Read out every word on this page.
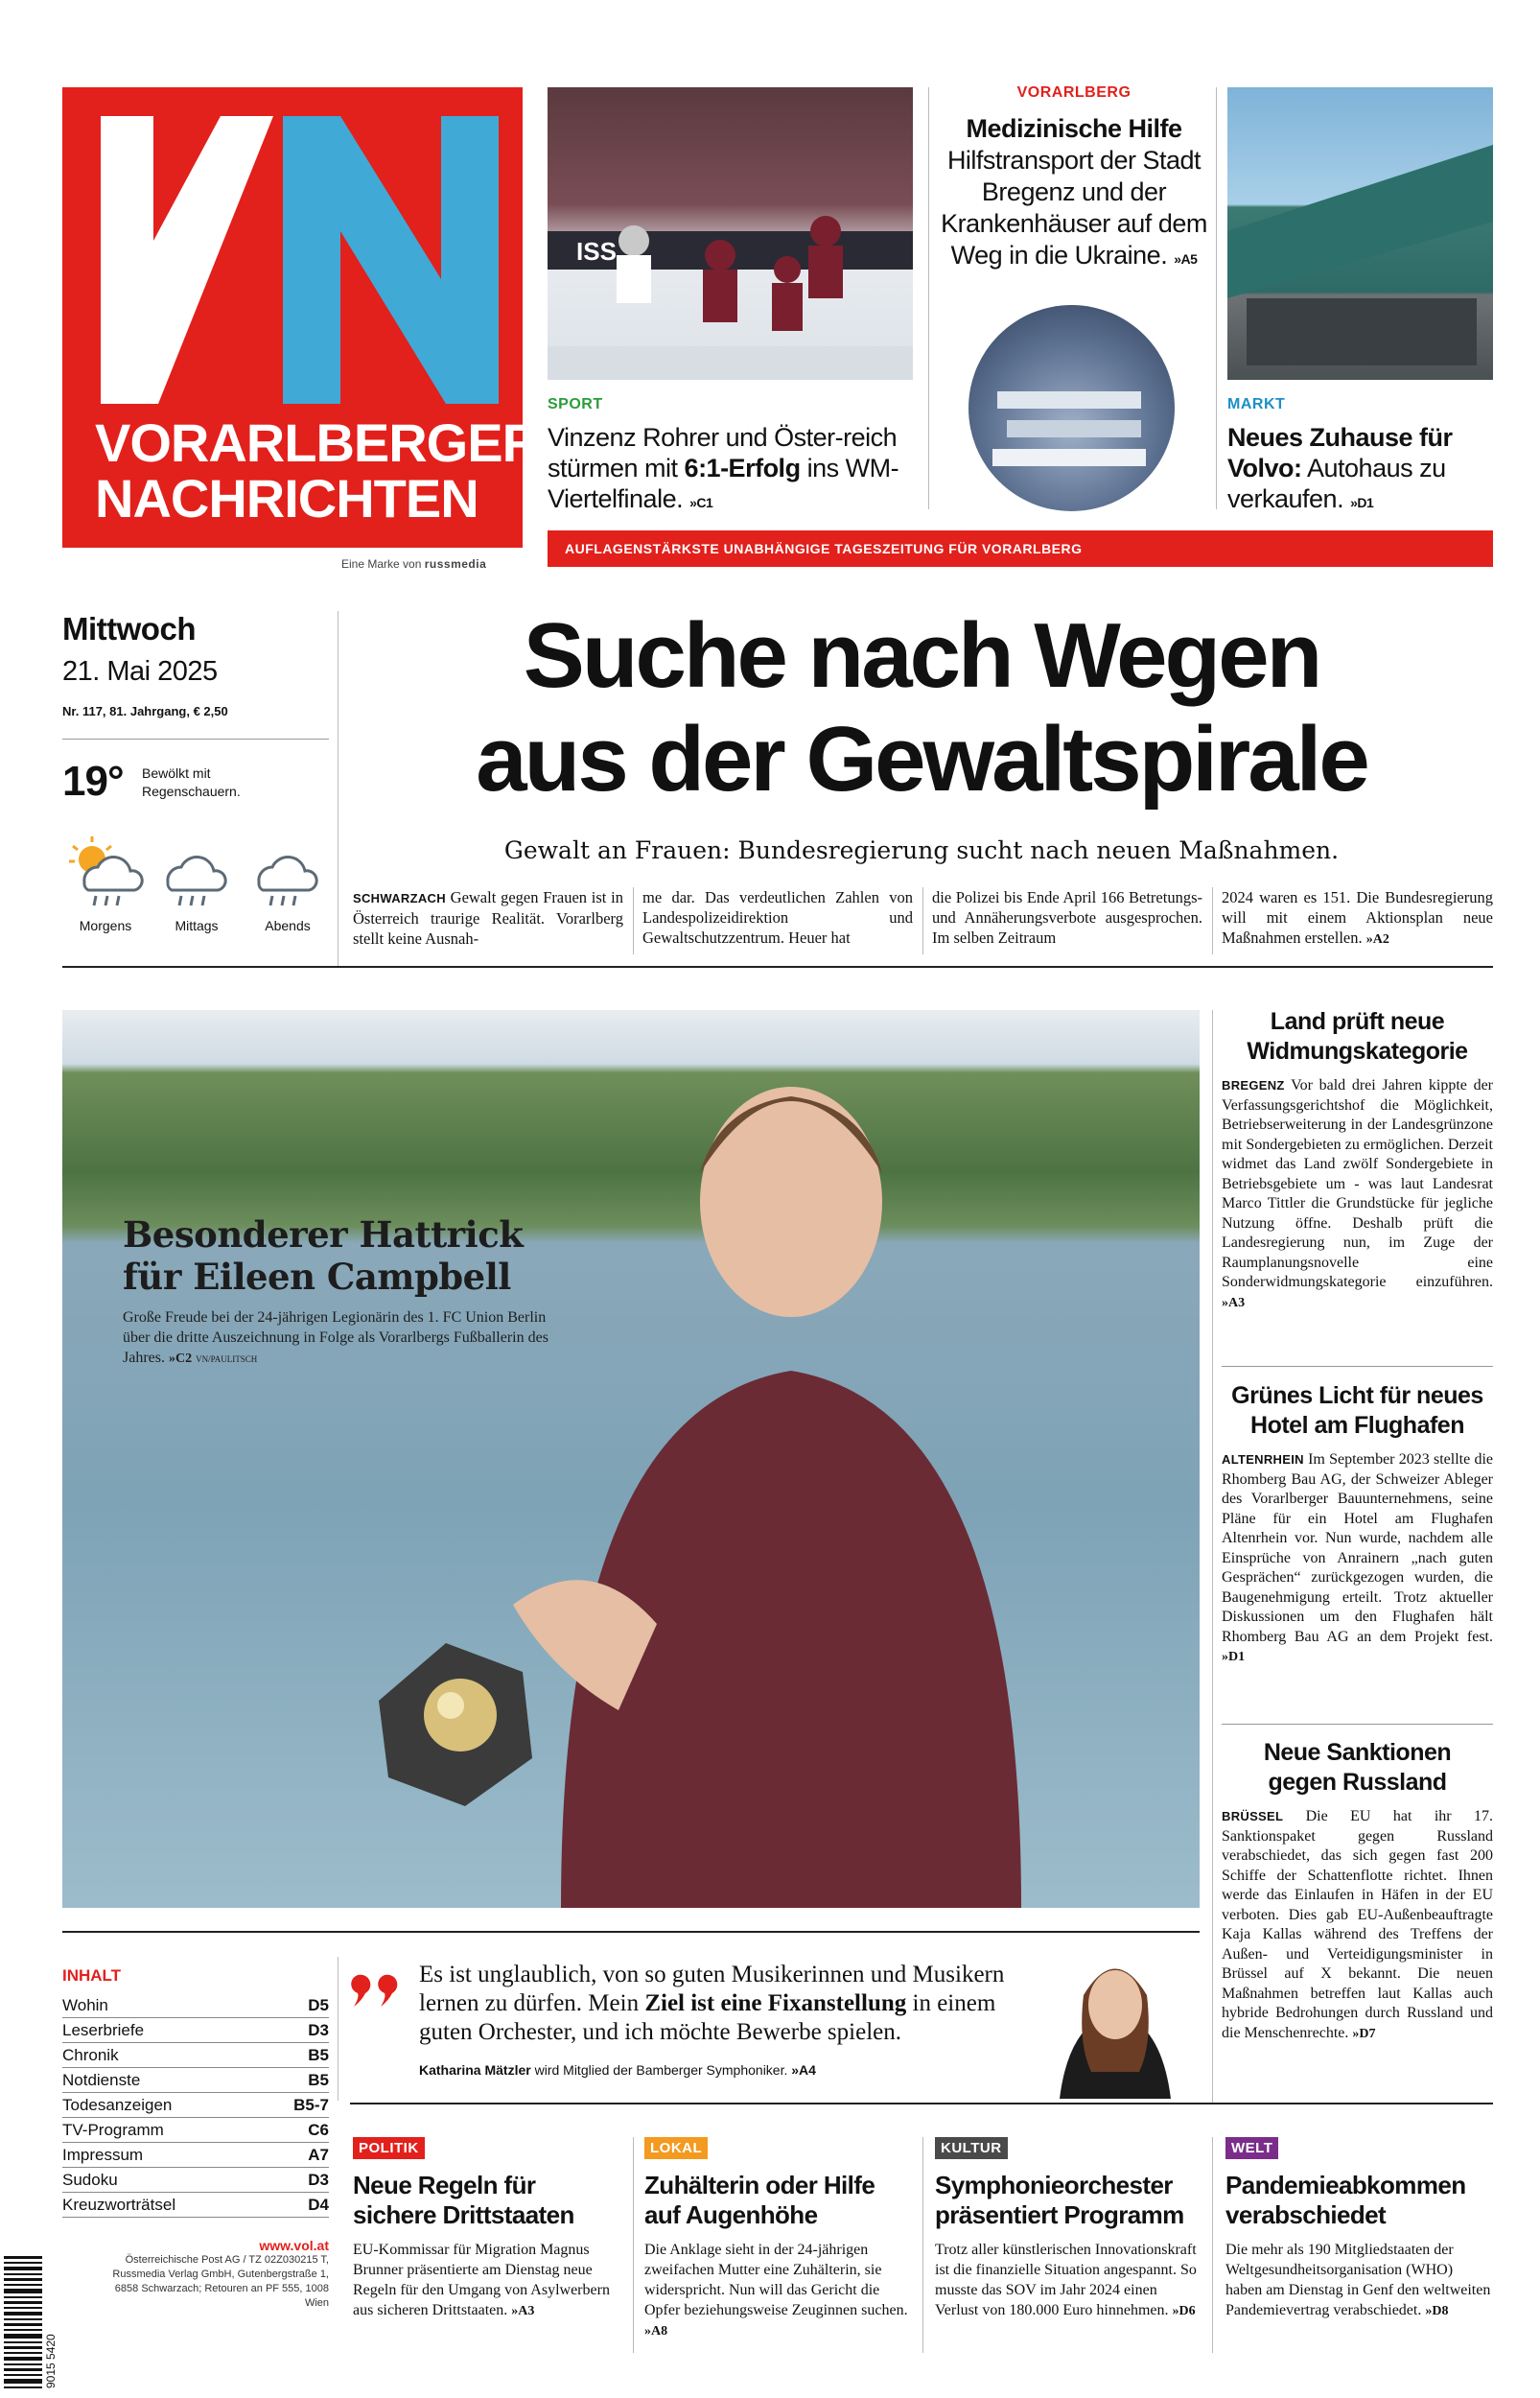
VORARLBERGER
NACHRICHTEN
Eine Marke von russmedia
ISS
SPORT
Vinzenz Rohrer und Öster-reich stürmen mit 6:1-Erfolg ins WM-Viertelfinale. »C1
VORARLBERG
Medizinische Hilfe
Hilfstransport der Stadt Bregenz und der Krankenhäuser auf dem Weg in die Ukraine. »A5
MARKT
Neues Zuhause für Volvo: Autohaus zu verkaufen. »D1
AUFLAGENSTÄRKSTE UNABHÄNGIGE TAGESZEITUNG FÜR VORARLBERG
Mittwoch
21. Mai 2025
Nr. 117, 81. Jahrgang, € 2,50
19° Bewölkt mit Regenschauern.
Morgens	Mittags	Abends
Suche nach Wegen
aus der Gewaltspirale
Gewalt an Frauen: Bundesregierung sucht nach neuen Maßnahmen.
SCHWARZACH Gewalt gegen Frauen ist in Österreich traurige Realität. Vorarlberg stellt keine Ausnah-
me dar. Das verdeutlichen Zahlen von Landespolizeidirektion und Gewaltschutzzentrum. Heuer hat
die Polizei bis Ende April 166 Betretungs- und Annäherungsverbote ausgesprochen. Im selben Zeitraum
2024 waren es 151. Die Bundesregierung will mit einem Aktionsplan neue Maßnahmen erstellen. »A2
Besonderer Hattrick
für Eileen Campbell
Große Freude bei der 24-jährigen Legionärin des 1. FC Union Berlin über die dritte Auszeichnung in Folge als Vorarlbergs Fußballerin des Jahres. »C2 VN/PAULITSCH
Land prüft neue Widmungskategorie
BREGENZ Vor bald drei Jahren kippte der Verfassungsgerichtshof die Möglichkeit, Betriebserweiterung in der Landesgrünzone mit Sondergebieten zu ermöglichen. Derzeit widmet das Land zwölf Sondergebiete in Betriebsgebiete um - was laut Landesrat Marco Tittler die Grundstücke für jegliche Nutzung öffne. Deshalb prüft die Landesregierung nun, im Zuge der Raumplanungsnovelle eine Sonderwidmungskategorie einzuführen. »A3
Grünes Licht für neues Hotel am Flughafen
ALTENRHEIN Im September 2023 stellte die Rhomberg Bau AG, der Schweizer Ableger des Vorarlberger Bauunternehmens, seine Pläne für ein Hotel am Flughafen Altenrhein vor. Nun wurde, nachdem alle Einsprüche von Anrainern „nach guten Gesprächen“ zurückgezogen wurden, die Baugenehmigung erteilt. Trotz aktueller Diskussionen um den Flughafen hält Rhomberg Bau AG an dem Projekt fest. »D1
Neue Sanktionen gegen Russland
BRÜSSEL Die EU hat ihr 17. Sanktionspaket gegen Russland verabschiedet, das sich gegen fast 200 Schiffe der Schattenflotte richtet. Ihnen werde das Einlaufen in Häfen in der EU verboten. Dies gab EU-Außenbeauftragte Kaja Kallas während des Treffens der Außen- und Verteidigungsminister in Brüssel auf X bekannt. Die neuen Maßnahmen betreffen laut Kallas auch hybride Bedrohungen durch Russland und die Menschenrechte. »D7
INHALT
Wohin	D5
Leserbriefe	D3
Chronik	B5
Notdienste	B5
Todesanzeigen	B5-7
TV-Programm	C6
Impressum	A7
Sudoku	D3
Kreuzworträtsel	D4
9015 5420
www.vol.at
Österreichische Post AG / TZ 02Z030215 T, Russmedia Verlag GmbH, Gutenbergstraße 1, 6858 Schwarzach; Retouren an PF 555, 1008 Wien
Es ist unglaublich, von so guten Musikerinnen und Musikern lernen zu dürfen. Mein Ziel ist eine Fixanstellung in einem guten Orchester, und ich möchte Bewerbe spielen.
Katharina Mätzler wird Mitglied der Bamberger Symphoniker. »A4
POLITIK
Neue Regeln für sichere Drittstaaten
EU-Kommissar für Migration Magnus Brunner präsentierte am Dienstag neue Regeln für den Umgang von Asylwerbern aus sicheren Drittstaaten. »A3
LOKAL
Zuhälterin oder Hilfe auf Augenhöhe
Die Anklage sieht in der 24-jährigen zweifachen Mutter eine Zuhälterin, sie widerspricht. Nun will das Gericht die Opfer beziehungsweise Zeuginnen suchen. »A8
KULTUR
Symphonieorchester präsentiert Programm
Trotz aller künstlerischen Innovationskraft ist die finanzielle Situation angespannt. So musste das SOV im Jahr 2024 einen Verlust von 180.000 Euro hinnehmen. »D6
WELT
Pandemieabkommen verabschiedet
Die mehr als 190 Mitgliedstaaten der Weltgesundheitsorganisation (WHO) haben am Dienstag in Genf den weltweiten Pandemievertrag verabschiedet. »D8
